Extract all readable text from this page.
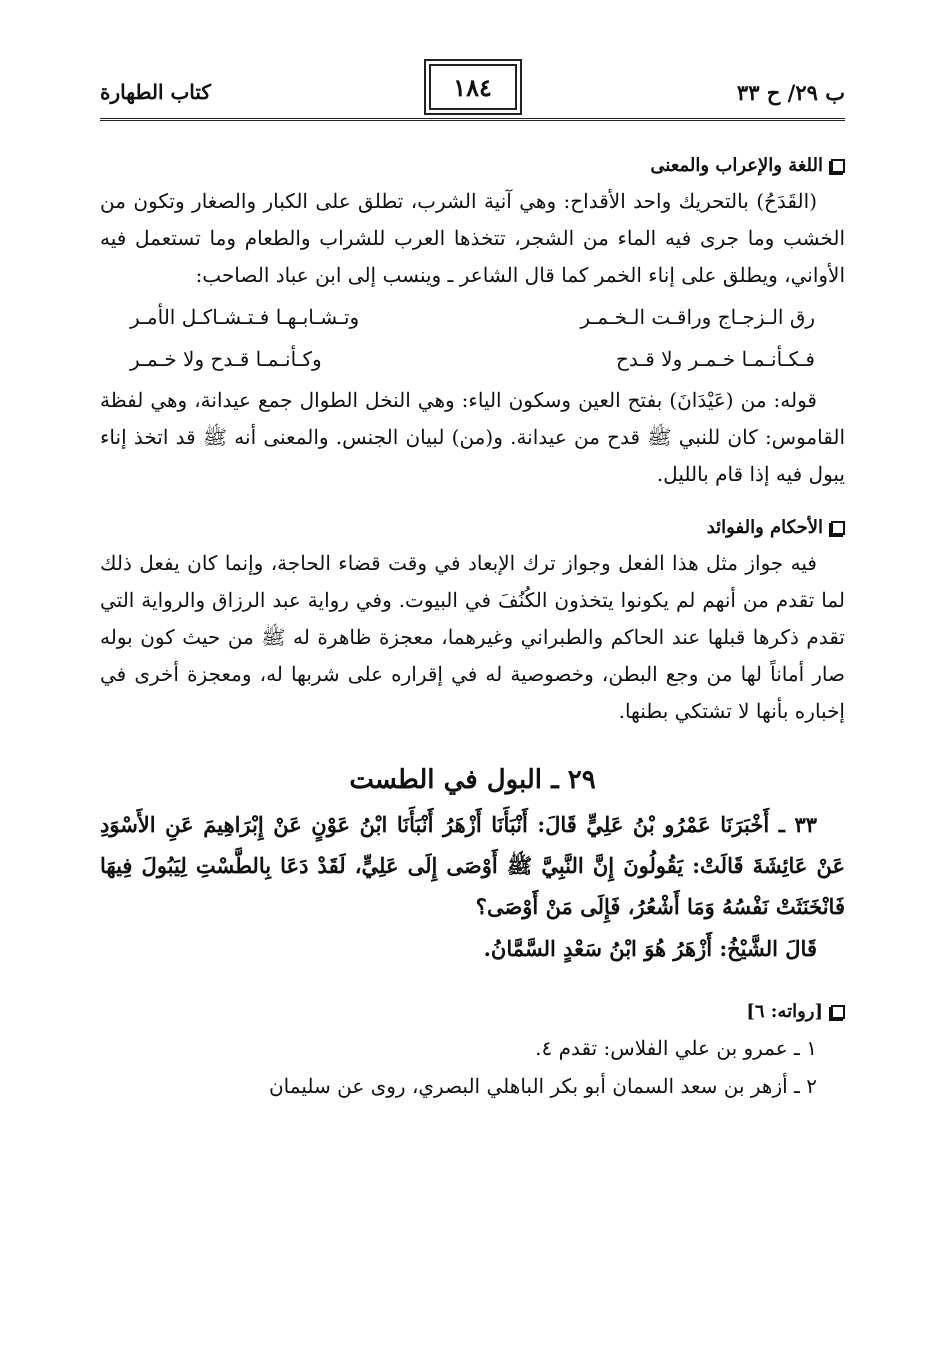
ب ٢٩/ ح ٣٣
١٨٤
كتاب الطهارة
اللغة والإعراب والمعنى

(القَدَحُ) بالتحريك واحد الأقداح: وهي آنية الشرب، تطلق على الكبار والصغار وتكون من الخشب وما جرى فيه الماء من الشجر، تتخذها العرب للشراب والطعام وما تستعمل فيه الأواني، ويطلق على إناء الخمر كما قال الشاعر ـ وينسب إلى ابن عباد الصاحب:

رق الـزجـاج وراقـت الـخـمـر
وتـشـابـهـا فـتـشـاكـل الأمـر
فـكـأنـمـا خـمـر ولا قـدح
وكـأنـمـا قـدح ولا خـمـر

قوله: من (عَيْدَانَ) بفتح العين وسكون الياء: وهي النخل الطوال جمع عيدانة، وهي لفظة القاموس: كان للنبي ﷺ قدح من عيدانة. و(من) لبيان الجنس. والمعنى أنه ﷺ قد اتخذ إناء يبول فيه إذا قام بالليل.

الأحكام والفوائد

فيه جواز مثل هذا الفعل وجواز ترك الإبعاد في وقت قضاء الحاجة، وإنما كان يفعل ذلك لما تقدم من أنهم لم يكونوا يتخذون الكُنُفَ في البيوت. وفي رواية عبد الرزاق والرواية التي تقدم ذكرها قبلها عند الحاكم والطبراني وغيرهما، معجزة ظاهرة له ﷺ من حيث كون بوله صار أماناً لها من وجع البطن، وخصوصية له في إقراره على شربها له، ومعجزة أخرى في إخباره بأنها لا تشتكي بطنها.

٢٩ ـ البول في الطست

٣٣ ـ أَخْبَرَنَا عَمْرُو بْنُ عَلِيٍّ قَالَ: أَنْبَأَنَا أَزْهَرُ أَنْبَأَنَا ابْنُ عَوْنٍ عَنْ إِبْرَاهِيمَ عَنِ الأَسْوَدِ عَنْ عَائِشَةَ قَالَتْ: يَقُولُونَ إِنَّ النَّبِيَّ ﷺ أَوْصَى إِلَى عَلِيٍّ، لَقَدْ دَعَا بِالطَّسْتِ لِيَبُولَ فِيهَا فَانْخَنَثَتْ نَفْسُهُ وَمَا أَشْعُرُ، فَإِلَى مَنْ أَوْصَى؟

قَالَ الشَّيْخُ: أَزْهَرُ هُوَ ابْنُ سَعْدٍ السَّمَّانُ.

[رواته: ٦]

١ ـ عمرو بن علي الفلاس: تقدم ٤.

٢ ـ أزهر بن سعد السمان أبو بكر الباهلي البصري، روى عن سليمان
